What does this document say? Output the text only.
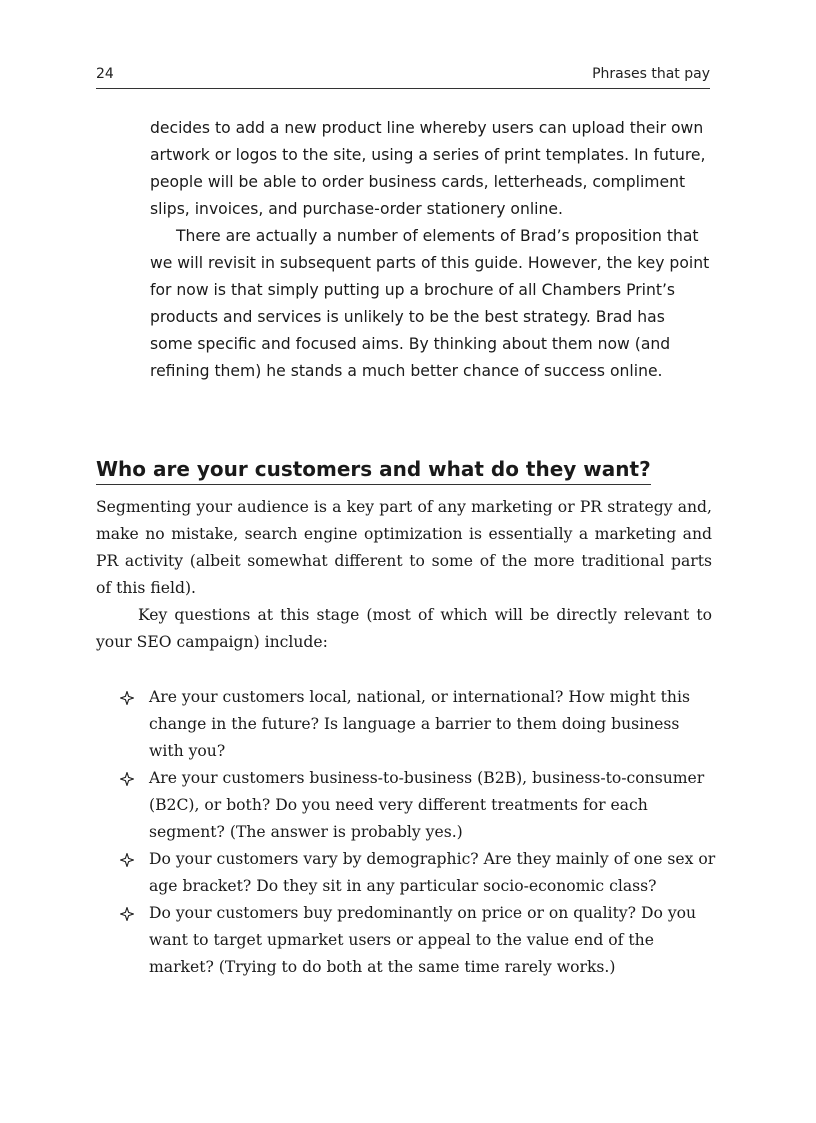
24	Phrases that pay

decides to add a new product line whereby users can upload their own artwork or logos to the site, using a series of print templates. In future, people will be able to order business cards, letterheads, compliment slips, invoices, and purchase-order stationery online.

There are actually a number of elements of Brad’s proposition that we will revisit in subsequent parts of this guide. However, the key point for now is that simply putting up a brochure of all Chambers Print’s products and services is unlikely to be the best strategy. Brad has some specific and focused aims. By thinking about them now (and refining them) he stands a much better chance of success online.

Who are your customers and what do they want?

Segmenting your audience is a key part of any marketing or PR strategy and, make no mistake, search engine optimization is essentially a marketing and PR activity (albeit somewhat different to some of the more traditional parts of this field).

Key questions at this stage (most of which will be directly relevant to your SEO campaign) include:

Are your customers local, national, or international? How might this change in the future? Is language a barrier to them doing business with you?
Are your customers business-to-business (B2B), business-to-consumer (B2C), or both? Do you need very different treatments for each segment? (The answer is probably yes.)
Do your customers vary by demographic? Are they mainly of one sex or age bracket? Do they sit in any particular socio-economic class?
Do your customers buy predominantly on price or on quality? Do you want to target upmarket users or appeal to the value end of the market? (Trying to do both at the same time rarely works.)
